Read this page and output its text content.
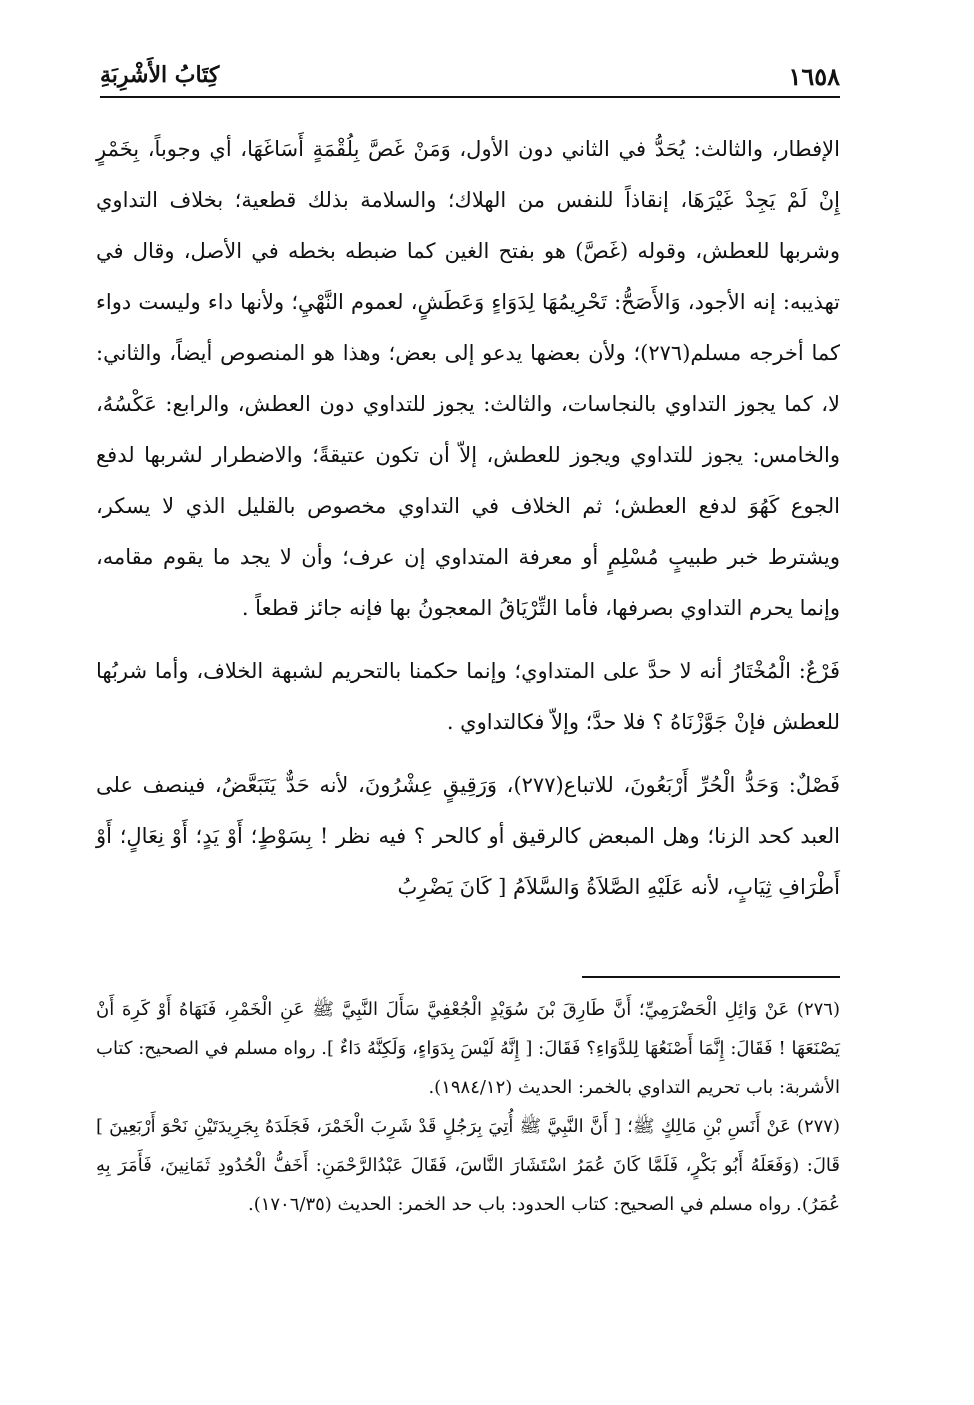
١٦٥٨
كِتَابُ الأَشْرِبَةِ

الإفطار، والثالث: يُحَدُّ في الثاني دون الأول، وَمَنْ غَصَّ بِلُقْمَةٍ أَسَاغَهَا، أي وجوباً، بِخَمْرٍ إِنْ لَمْ يَجِدْ غَيْرَهَا، إنقاذاً للنفس من الهلاك؛ والسلامة بذلك قطعية؛ بخلاف التداوي وشربها للعطش، وقوله (غَصَّ) هو بفتح الغين كما ضبطه بخطه في الأصل، وقال في تهذيبه: إنه الأجود، وَالأَصَحُّ: تَحْرِيمُهَا لِدَوَاءٍ وَعَطَشٍ، لعموم النَّهْيِ؛ ولأنها داء وليست دواء كما أخرجه مسلم(٢٧٦)؛ ولأن بعضها يدعو إلى بعض؛ وهذا هو المنصوص أيضاً، والثاني: لا، كما يجوز التداوي بالنجاسات، والثالث: يجوز للتداوي دون العطش، والرابع: عَكْسُهُ، والخامس: يجوز للتداوي ويجوز للعطش، إلاّ أن تكون عتيقةً؛ والاضطرار لشربها لدفع الجوع كَهُوَ لدفع العطش؛ ثم الخلاف في التداوي مخصوص بالقليل الذي لا يسكر، ويشترط خبر طبيبٍ مُسْلِمٍ أو معرفة المتداوي إن عرف؛ وأن لا يجد ما يقوم مقامه، وإنما يحرم التداوي بصرفها، فأما التِّرْيَاقُ المعجونُ بها فإنه جائز قطعاً .

فَرْعٌ: الْمُخْتَارُ أنه لا حدَّ على المتداوي؛ وإنما حكمنا بالتحريم لشبهة الخلاف، وأما شربُها للعطش فإنْ جَوَّزْنَاهُ ؟ فلا حدَّ؛ وإلاّ فكالتداوي .

فَصْلٌ: وَحَدُّ الْحُرِّ أَرْبَعُونَ، للاتباع(٢٧٧)، وَرَقِيقٍ عِشْرُونَ، لأنه حَدٌّ يَتَبَعَّضُ، فينصف على العبد كحد الزنا؛ وهل المبعض كالرقيق أو كالحر ؟ فيه نظر ! بِسَوْطٍ؛ أَوْ يَدٍ؛ أَوْ نِعَالٍ؛ أَوْ أَطْرَافِ ثِيَابٍ، لأنه عَلَيْهِ الصَّلاَةُ وَالسَّلاَمُ [ كَانَ يَضْرِبُ

(٢٧٦) عَنْ وَائِلِ الْحَضْرَمِيِّ؛ أَنَّ طَارِقَ بْنَ سُوَيْدٍ الْجُعْفِيَّ سَأَلَ النَّبِيَّ ﷺ عَنِ الْخَمْرِ، فَنَهَاهُ أَوْ كَرِهَ أَنْ يَصْنَعَهَا ! فَقَالَ: إِنَّمَا أَصْنَعُهَا لِلدَّوَاءِ؟ فَقَالَ: [ إِنَّهُ لَيْسَ بِدَوَاءٍ، وَلَكِنَّهُ دَاءٌ ]. رواه مسلم في الصحيح: كتاب الأشربة: باب تحريم التداوي بالخمر: الحديث (١٩٨٤/١٢).

(٢٧٧) عَنْ أَنَسِ بْنِ مَالِكٍ ﷺ؛ [ أَنَّ النَّبِيَّ ﷺ أُتِيَ بِرَجُلٍ قَدْ شَرِبَ الْخَمْرَ، فَجَلَدَهُ بِجَرِيدَتَيْنِ نَحْوَ أَرْبَعِينَ ] قَالَ: (وَفَعَلَهُ أَبُو بَكْرٍ، فَلَمَّا كَانَ عُمَرُ اسْتَشَارَ النَّاسَ، فَقَالَ عَبْدُالرَّحْمَنِ: أَخَفُّ الْحُدُودِ ثَمَانِينَ، فَأَمَرَ بِهِ عُمَرُ). رواه مسلم في الصحيح: كتاب الحدود: باب حد الخمر: الحديث (١٧٠٦/٣٥).
